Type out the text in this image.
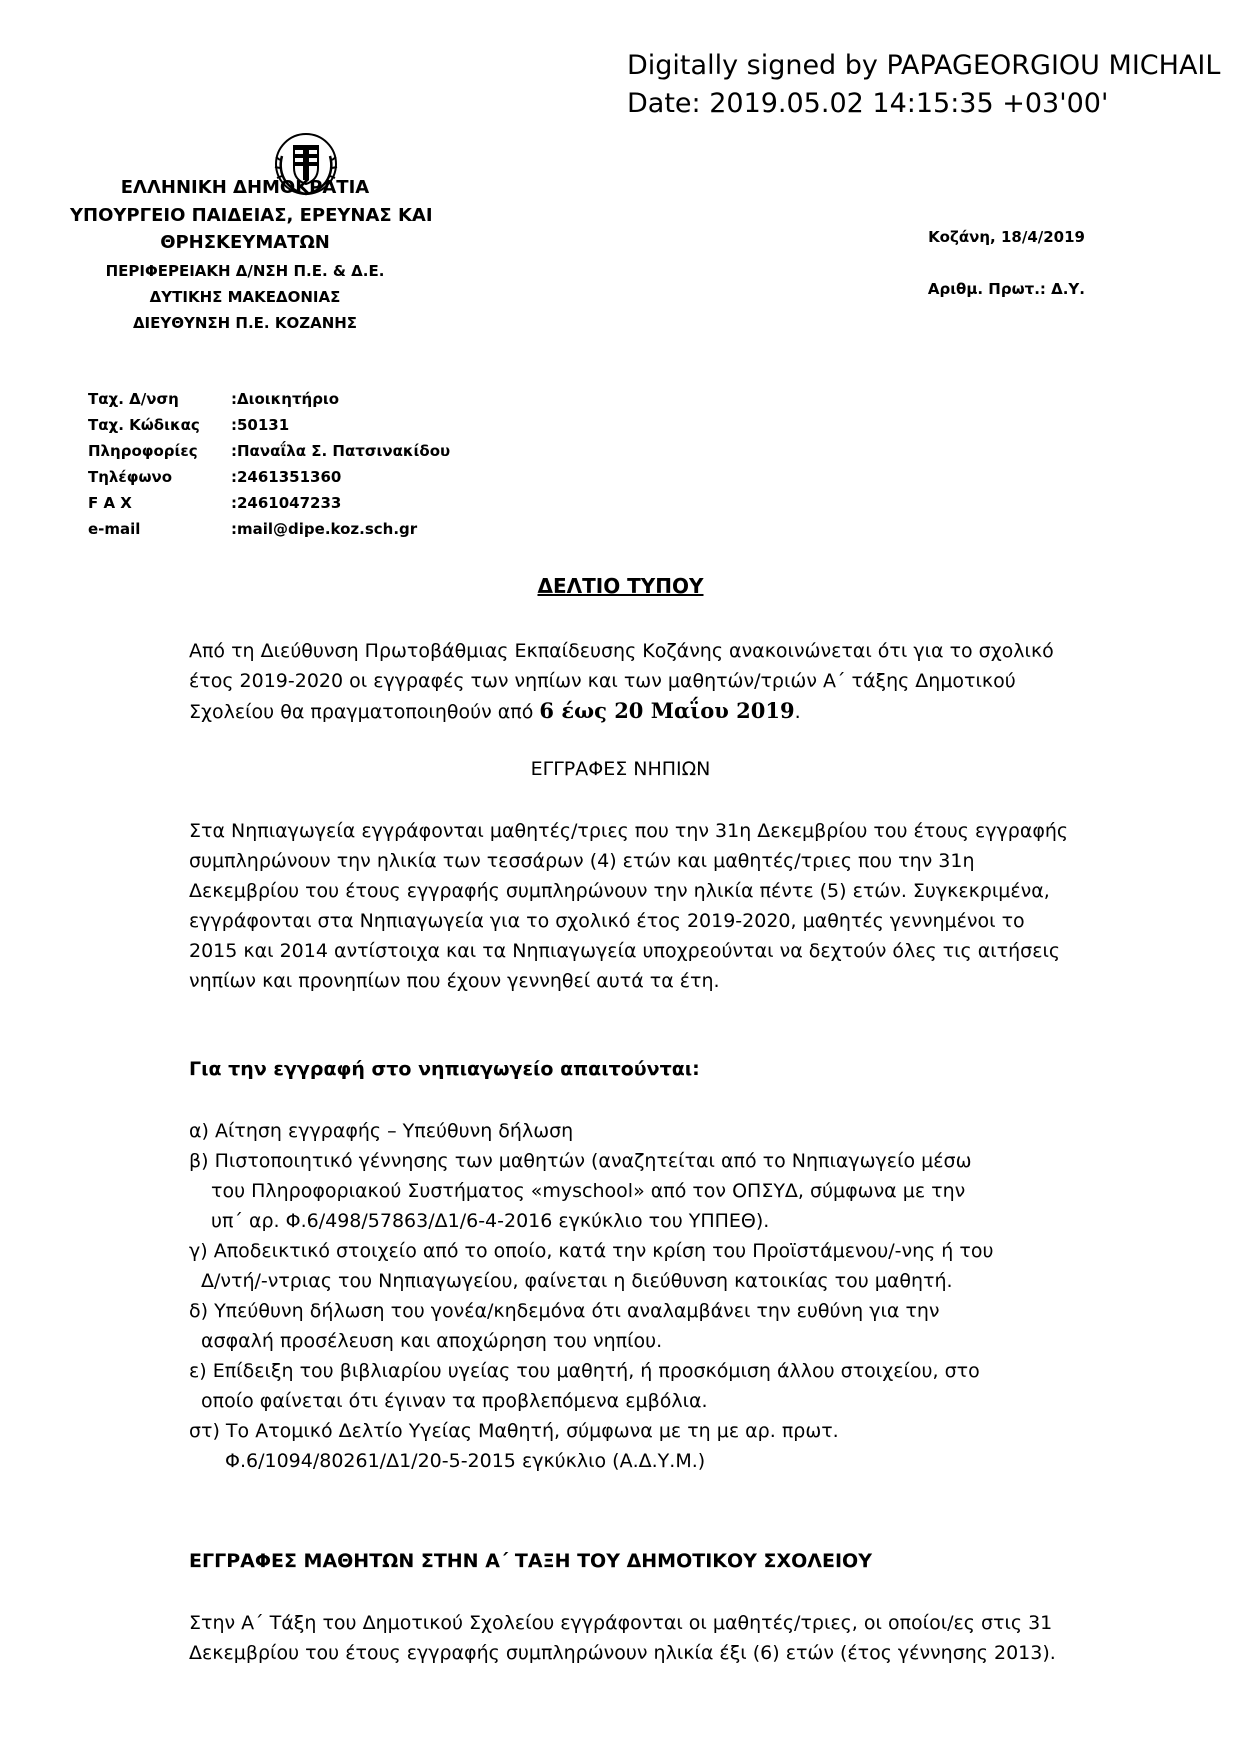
Digitally signed by PAPAGEORGIOU MICHAIL
Date: 2019.05.02 14:15:35 +03'00'
ΕΛΛΗΝΙΚΗ ΔΗΜΟΚΡΑΤΙΑ
ΥΠΟΥΡΓΕΙΟ ΠΑΙΔΕΙΑΣ, ΕΡΕΥΝΑΣ ΚΑΙ
ΘΡΗΣΚΕΥΜΑΤΩΝ
ΠΕΡΙΦΕΡΕΙΑΚΗ Δ/ΝΣΗ Π.Ε. & Δ.Ε.
ΔΥΤΙΚΗΣ ΜΑΚΕΔΟΝΙΑΣ
ΔΙΕΥΘΥΝΣΗ Π.Ε. ΚΟΖΑΝΗΣ
Κοζάνη, 18/4/2019
Αριθμ. Πρωτ.: Δ.Υ.
Ταχ. Δ/νση	:Διοικητήριο
Ταχ. Κώδικας :50131
Πληροφορίες :Παναΐλα Σ. Πατσινακίδου
Τηλέφωνο	:2461351360
F A X	:2461047233
e-mail	:mail@dipe.koz.sch.gr
ΔΕΛΤΙΟ ΤΥΠΟΥ
Από τη Διεύθυνση Πρωτοβάθμιας Εκπαίδευσης Κοζάνης ανακοινώνεται ότι για το σχολικό έτος 2019-2020 οι εγγραφές των νηπίων και των μαθητών/τριών Α΄ τάξης Δημοτικού Σχολείου θα πραγματοποιηθούν από 6 έως 20 Μαΐου 2019.
ΕΓΓΡΑΦΕΣ ΝΗΠΙΩΝ
Στα Νηπιαγωγεία εγγράφονται μαθητές/τριες που την 31η Δεκεμβρίου του έτους εγγραφής συμπληρώνουν την ηλικία των τεσσάρων (4) ετών και μαθητές/τριες που την 31η Δεκεμβρίου του έτους εγγραφής συμπληρώνουν την ηλικία πέντε (5) ετών. Συγκεκριμένα, εγγράφονται στα Νηπιαγωγεία για το σχολικό έτος 2019-2020, μαθητές γεννημένοι το 2015 και 2014 αντίστοιχα και τα Νηπιαγωγεία υποχρεούνται να δεχτούν όλες τις αιτήσεις νηπίων και προνηπίων που έχουν γεννηθεί αυτά τα έτη.
Για την εγγραφή στο νηπιαγωγείο απαιτούνται:
α) Αίτηση εγγραφής – Υπεύθυνη δήλωση
β) Πιστοποιητικό γέννησης των μαθητών (αναζητείται από το Νηπιαγωγείο μέσω
του Πληροφοριακού Συστήματος «myschool» από τον ΟΠΣΥΔ, σύμφωνα με την
υπ΄ αρ. Φ.6/498/57863/Δ1/6-4-2016 εγκύκλιο του ΥΠΠΕΘ).
γ) Αποδεικτικό στοιχείο από το οποίο, κατά την κρίση του Προϊστάμενου/-νης ή του
Δ/ντή/-ντριας του Νηπιαγωγείου, φαίνεται η διεύθυνση κατοικίας του μαθητή.
δ) Υπεύθυνη δήλωση του γονέα/κηδεμόνα ότι αναλαμβάνει την ευθύνη για την
ασφαλή προσέλευση και αποχώρηση του νηπίου.
ε) Επίδειξη του βιβλιαρίου υγείας του μαθητή, ή προσκόμιση άλλου στοιχείου, στο
οποίο φαίνεται ότι έγιναν τα προβλεπόμενα εμβόλια.
στ) Το Ατομικό Δελτίο Υγείας Μαθητή, σύμφωνα με τη με αρ. πρωτ.
Φ.6/1094/80261/Δ1/20-5-2015 εγκύκλιο (Α.Δ.Υ.Μ.)
ΕΓΓΡΑΦΕΣ ΜΑΘΗΤΩΝ ΣΤΗΝ Α΄ ΤΑΞΗ ΤΟΥ ΔΗΜΟΤΙΚΟΥ ΣΧΟΛΕΙΟΥ
Στην Α΄ Τάξη του Δημοτικού Σχολείου εγγράφονται οι μαθητές/τριες, οι οποίοι/ες στις 31 Δεκεμβρίου του έτους εγγραφής συμπληρώνουν ηλικία έξι (6) ετών (έτος γέννησης 2013).
